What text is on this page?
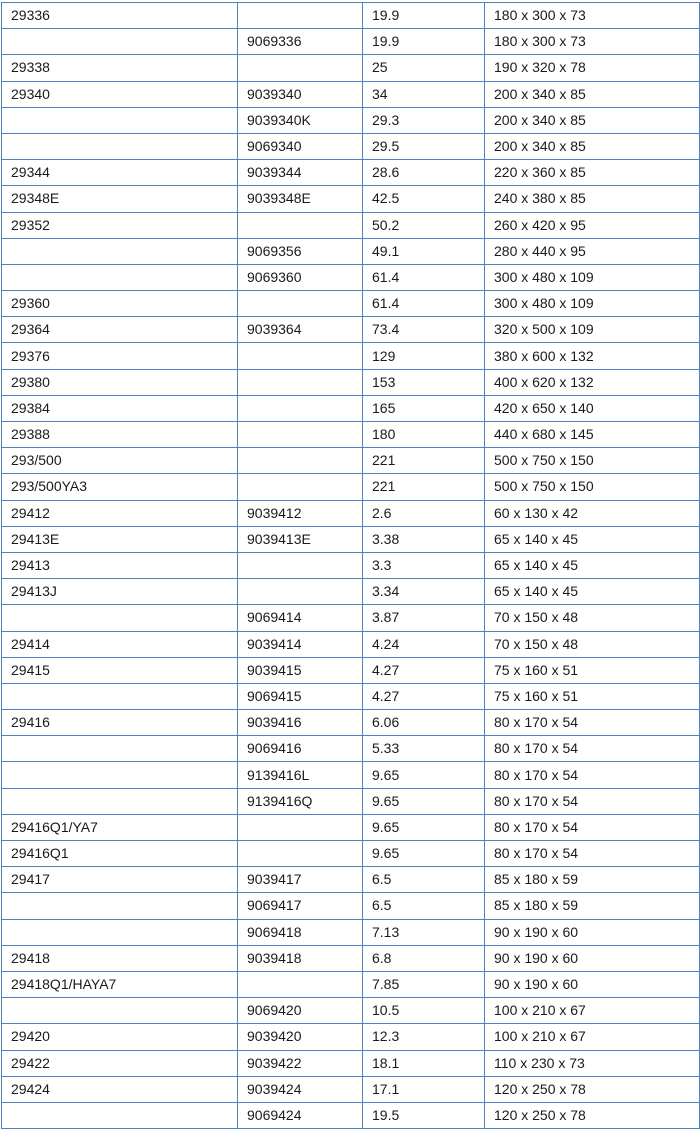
29336		19.9	180 x 300 x 73
	9069336	19.9	180 x 300 x 73
29338		25	190 x 320 x 78
29340	9039340	34	200 x 340 x 85
	9039340K	29.3	200 x 340 x 85
	9069340	29.5	200 x 340 x 85
29344	9039344	28.6	220 x 360 x 85
29348E	9039348E	42.5	240 x 380 x 85
29352		50.2	260 x 420 x 95
	9069356	49.1	280 x 440 x 95
	9069360	61.4	300 x 480 x 109
29360		61.4	300 x 480 x 109
29364	9039364	73.4	320 x 500 x 109
29376		129	380 x 600 x 132
29380		153	400 x 620 x 132
29384		165	420 x 650 x 140
29388		180	440 x 680 x 145
293/500		221	500 x 750 x 150
293/500YA3		221	500 x 750 x 150
29412	9039412	2.6	60 x 130 x 42
29413E	9039413E	3.38	65 x 140 x 45
29413		3.3	65 x 140 x 45
29413J		3.34	65 x 140 x 45
	9069414	3.87	70 x 150 x 48
29414	9039414	4.24	70 x 150 x 48
29415	9039415	4.27	75 x 160 x 51
	9069415	4.27	75 x 160 x 51
29416	9039416	6.06	80 x 170 x 54
	9069416	5.33	80 x 170 x 54
	9139416L	9.65	80 x 170 x 54
	9139416Q	9.65	80 x 170 x 54
29416Q1/YA7		9.65	80 x 170 x 54
29416Q1		9.65	80 x 170 x 54
29417	9039417	6.5	85 x 180 x 59
	9069417	6.5	85 x 180 x 59
	9069418	7.13	90 x 190 x 60
29418	9039418	6.8	90 x 190 x 60
29418Q1/HAYA7		7.85	90 x 190 x 60
	9069420	10.5	100 x 210 x 67
29420	9039420	12.3	100 x 210 x 67
29422	9039422	18.1	110 x 230 x 73
29424	9039424	17.1	120 x 250 x 78
	9069424	19.5	120 x 250 x 78
